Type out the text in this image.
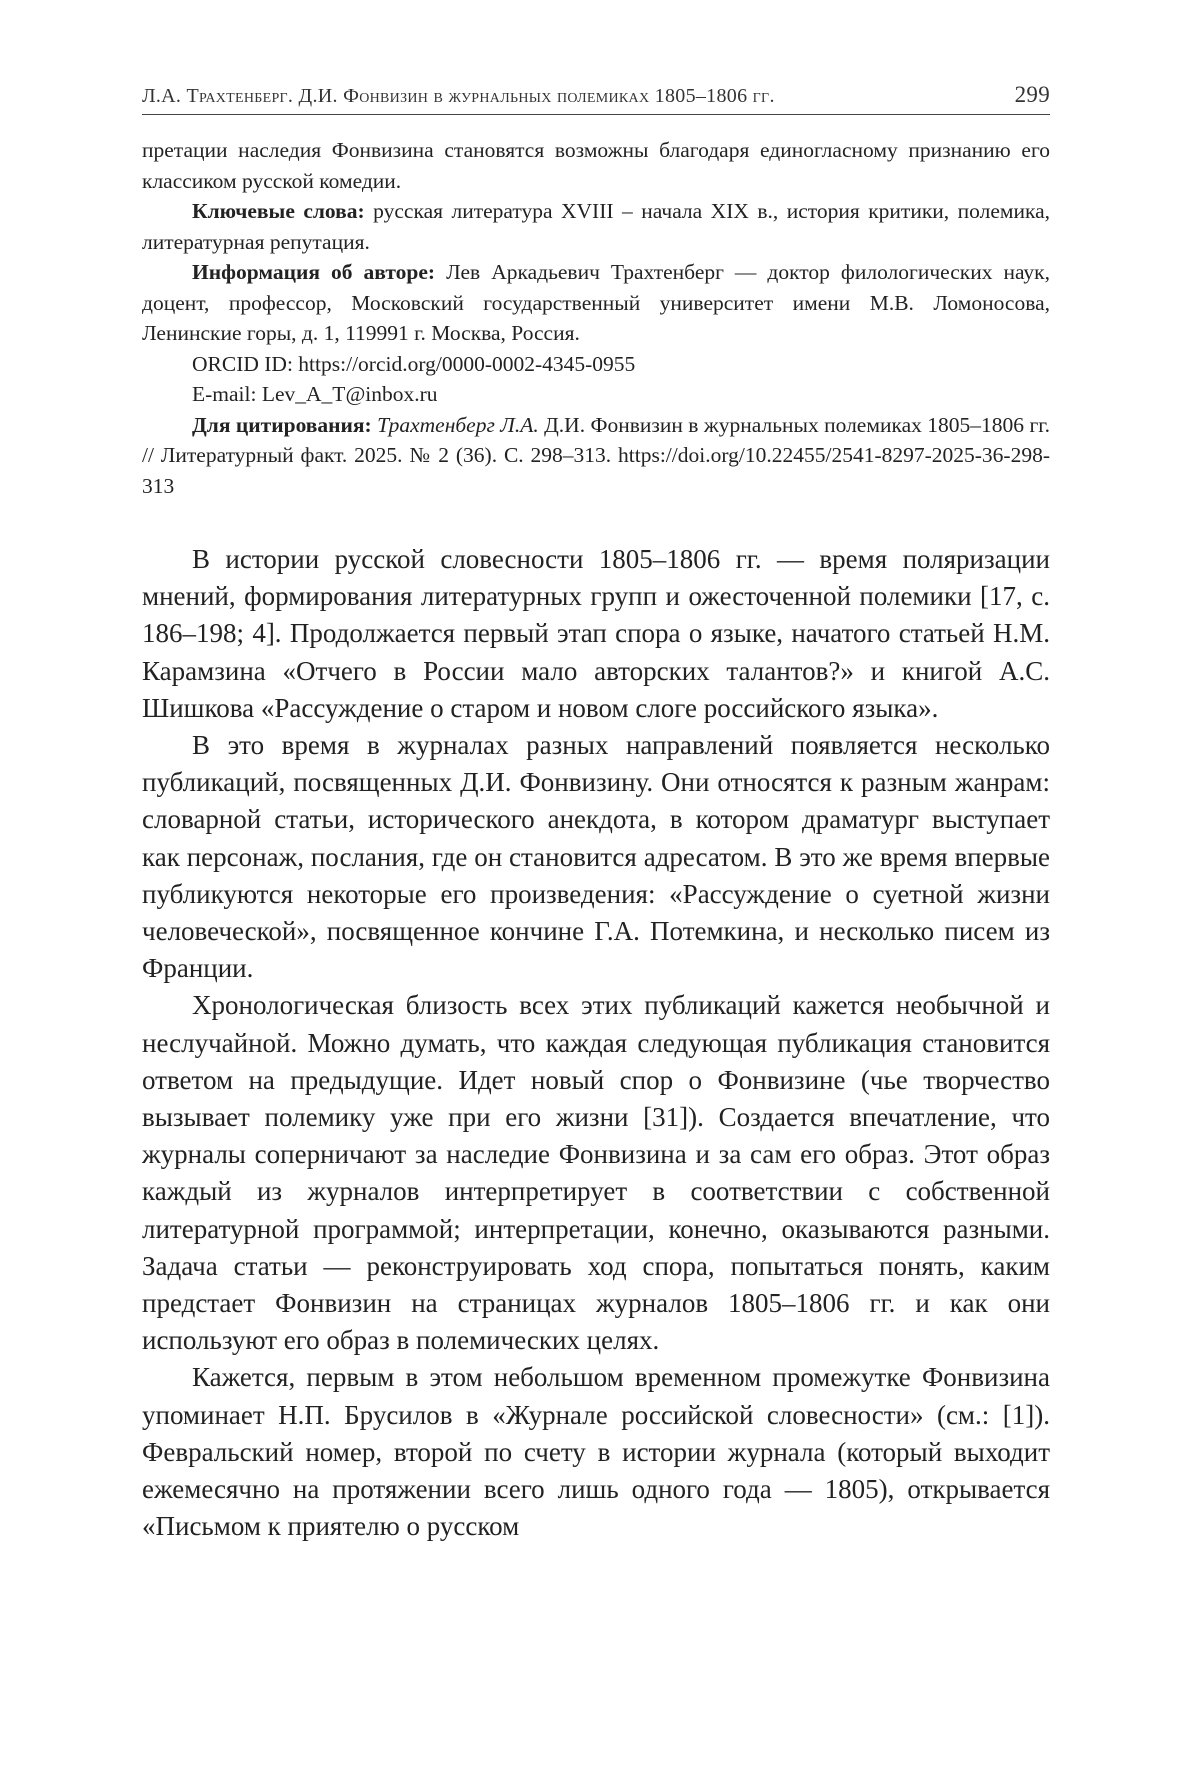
Л.А. Трахтенберг. Д.И. Фонвизин в журнальных полемиках 1805–1806 гг.	299

претации наследия Фонвизина становятся возможны благодаря единогласному признанию его классиком русской комедии.

Ключевые слова: русская литература XVIII – начала XIX в., история критики, полемика, литературная репутация.

Информация об авторе: Лев Аркадьевич Трахтенберг — доктор филологических наук, доцент, профессор, Московский государственный университет имени М.В. Ломоносова, Ленинские горы, д. 1, 119991 г. Москва, Россия.

ORCID ID: https://orcid.org/0000-0002-4345-0955

E-mail: Lev_A_T@inbox.ru

Для цитирования: Трахтенберг Л.А. Д.И. Фонвизин в журнальных полемиках 1805–1806 гг. // Литературный факт. 2025. № 2 (36). С. 298–313. https://doi.org/10.22455/2541-8297-2025-36-298-313

В истории русской словесности 1805–1806 гг. — время поляризации мнений, формирования литературных групп и ожесточенной полемики [17, с. 186–198; 4]. Продолжается первый этап спора о языке, начатого статьей Н.М. Карамзина «Отчего в России мало авторских талантов?» и книгой А.С. Шишкова «Рассуждение о старом и новом слоге российского языка».

В это время в журналах разных направлений появляется несколько публикаций, посвященных Д.И. Фонвизину. Они относятся к разным жанрам: словарной статьи, исторического анекдота, в котором драматург выступает как персонаж, послания, где он становится адресатом. В это же время впервые публикуются некоторые его произведения: «Рассуждение о суетной жизни человеческой», посвященное кончине Г.А. Потемкина, и несколько писем из Франции.

Хронологическая близость всех этих публикаций кажется необычной и неслучайной. Можно думать, что каждая следующая публикация становится ответом на предыдущие. Идет новый спор о Фонвизине (чье творчество вызывает полемику уже при его жизни [31]). Создается впечатление, что журналы соперничают за наследие Фонвизина и за сам его образ. Этот образ каждый из журналов интерпретирует в соответствии с собственной литературной программой; интерпретации, конечно, оказываются разными. Задача статьи — реконструировать ход спора, попытаться понять, каким предстает Фонвизин на страницах журналов 1805–1806 гг. и как они используют его образ в полемических целях.

Кажется, первым в этом небольшом временном промежутке Фонвизина упоминает Н.П. Брусилов в «Журнале российской словесности» (см.: [1]). Февральский номер, второй по счету в истории журнала (который выходит ежемесячно на протяжении всего лишь одного года — 1805), открывается «Письмом к приятелю о русском
